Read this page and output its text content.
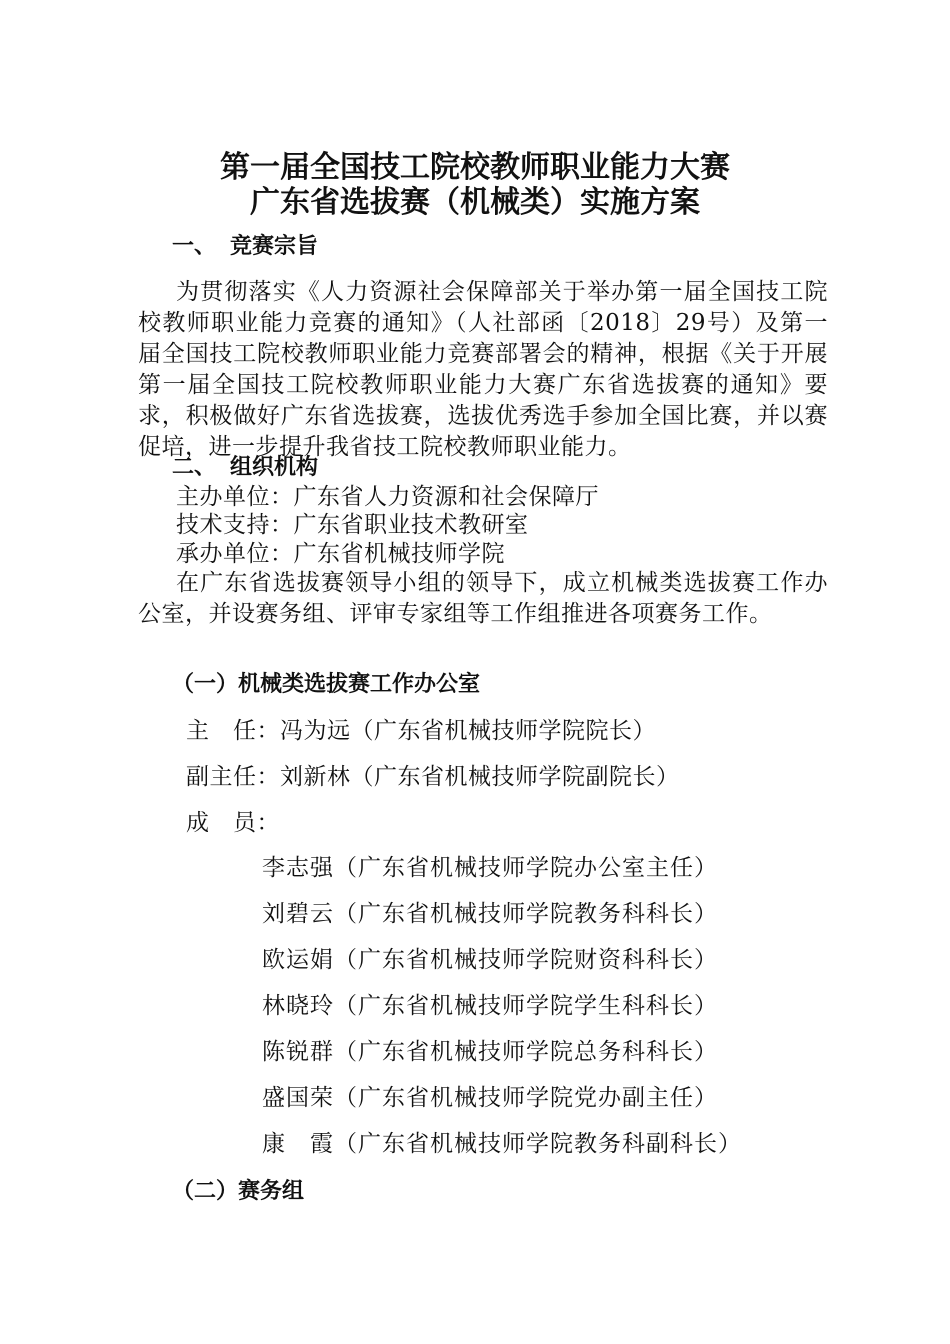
第一届全国技工院校教师职业能力大赛
广东省选拔赛（机械类）实施方案
一、 竞赛宗旨
为贯彻落实《人力资源社会保障部关于举办第一届全国技工院校教师职业能力竞赛的通知》（人社部函〔2018〕29号）及第一届全国技工院校教师职业能力竞赛部署会的精神，根据《关于开展第一届全国技工院校教师职业能力大赛广东省选拔赛的通知》要求，积极做好广东省选拔赛，选拔优秀选手参加全国比赛，并以赛促培，进一步提升我省技工院校教师职业能力。
二、 组织机构
主办单位：广东省人力资源和社会保障厅
技术支持：广东省职业技术教研室
承办单位：广东省机械技师学院
在广东省选拔赛领导小组的领导下，成立机械类选拔赛工作办公室，并设赛务组、评审专家组等工作组推进各项赛务工作。
（一）机械类选拔赛工作办公室
主　任：冯为远（广东省机械技师学院院长）
副主任：刘新林（广东省机械技师学院副院长）
成　员：
李志强（广东省机械技师学院办公室主任）
刘碧云（广东省机械技师学院教务科科长）
欧运娟（广东省机械技师学院财资科科长）
林晓玲（广东省机械技师学院学生科科长）
陈锐群（广东省机械技师学院总务科科长）
盛国荣（广东省机械技师学院党办副主任）
康　霞（广东省机械技师学院教务科副科长）
（二）赛务组
